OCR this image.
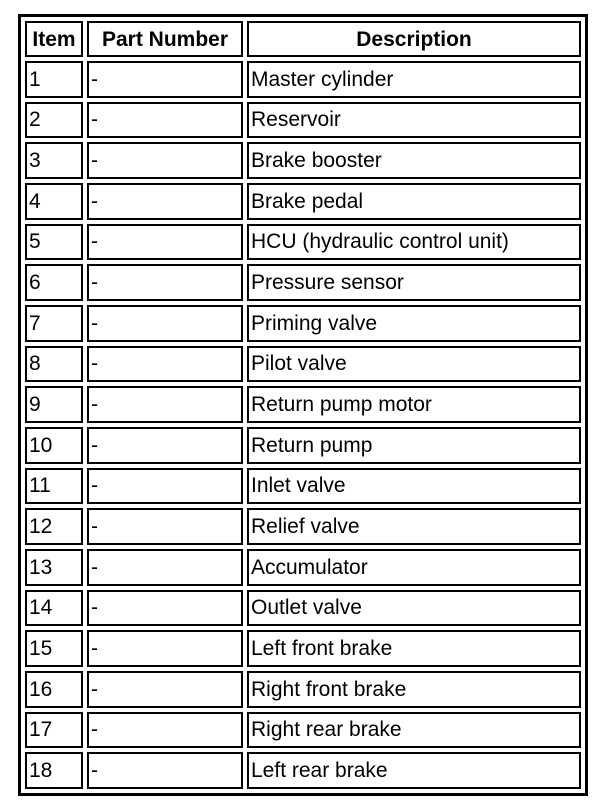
Item	Part Number	Description
1	-	Master cylinder
2	-	Reservoir
3	-	Brake booster
4	-	Brake pedal
5	-	HCU (hydraulic control unit)
6	-	Pressure sensor
7	-	Priming valve
8	-	Pilot valve
9	-	Return pump motor
10	-	Return pump
11	-	Inlet valve
12	-	Relief valve
13	-	Accumulator
14	-	Outlet valve
15	-	Left front brake
16	-	Right front brake
17	-	Right rear brake
18	-	Left rear brake
